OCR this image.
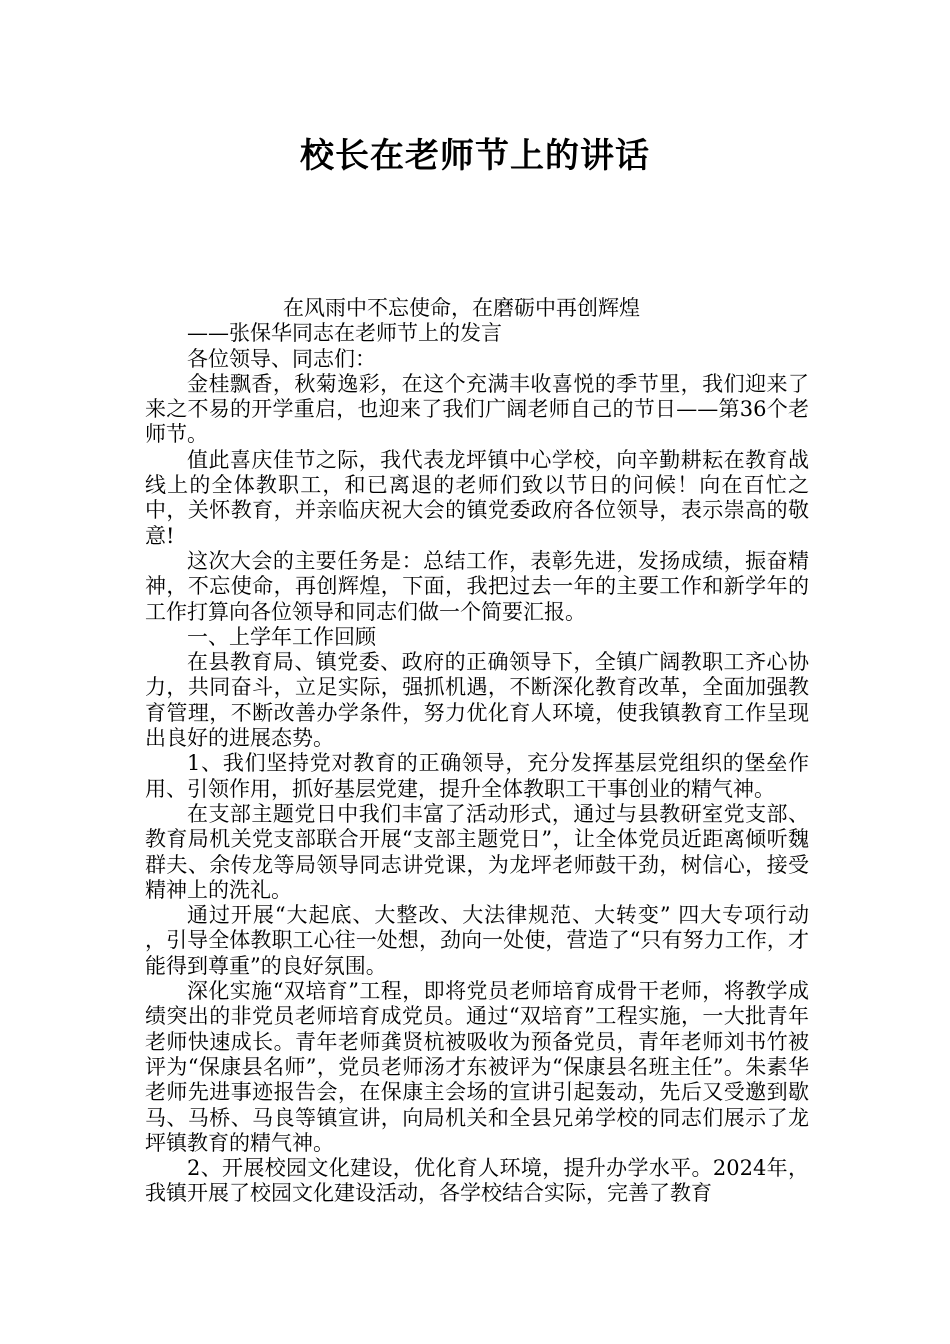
校长在老师节上的讲话

在风雨中不忘使命，在磨砺中再创辉煌

——张保华同志在老师节上的发言

各位领导、同志们：

金桂飘香，秋菊逸彩，在这个充满丰收喜悦的季节里，我们迎来了来之不易的开学重启，也迎来了我们广阔老师自己的节日——第36个老师节。

值此喜庆佳节之际，我代表龙坪镇中心学校，向辛勤耕耘在教育战线上的全体教职工，和已离退的老师们致以节日的问候！向在百忙之中，关怀教育，并亲临庆祝大会的镇党委政府各位领导，表示崇高的敬意!

这次大会的主要任务是：总结工作，表彰先进，发扬成绩，振奋精神，不忘使命，再创辉煌，下面，我把过去一年的主要工作和新学年的工作打算向各位领导和同志们做一个简要汇报。

一、上学年工作回顾

在县教育局、镇党委、政府的正确领导下，全镇广阔教职工齐心协力，共同奋斗，立足实际，强抓机遇，不断深化教育改革，全面加强教育管理，不断改善办学条件，努力优化育人环境，使我镇教育工作呈现出良好的进展态势。

1、我们坚持党对教育的正确领导，充分发挥基层党组织的堡垒作用、引领作用，抓好基层党建，提升全体教职工干事创业的精气神。

在支部主题党日中我们丰富了活动形式，通过与县教研室党支部、教育局机关党支部联合开展“支部主题党日”，让全体党员近距离倾听魏群夫、余传龙等局领导同志讲党课，为龙坪老师鼓干劲，树信心，接受精神上的洗礼。

通过开展“大起底、大整改、大法律规范、大转变” 四大专项行动 ，引导全体教职工心往一处想，劲向一处使，营造了“只有努力工作，才能得到尊重”的良好氛围。

深化实施“双培育”工程，即将党员老师培育成骨干老师，将教学成绩突出的非党员老师培育成党员。通过“双培育”工程实施，一大批青年老师快速成长。青年老师龚贤杭被吸收为预备党员，青年老师刘书竹被评为“保康县名师”，党员老师汤才东被评为“保康县名班主任”。朱素华老师先进事迹报告会，在保康主会场的宣讲引起轰动，先后又受邀到歇马、马桥、马良等镇宣讲，向局机关和全县兄弟学校的同志们展示了龙坪镇教育的精气神。

2、开展校园文化建设，优化育人环境，提升办学水平。2024年，我镇开展了校园文化建设活动，各学校结合实际，完善了教育
